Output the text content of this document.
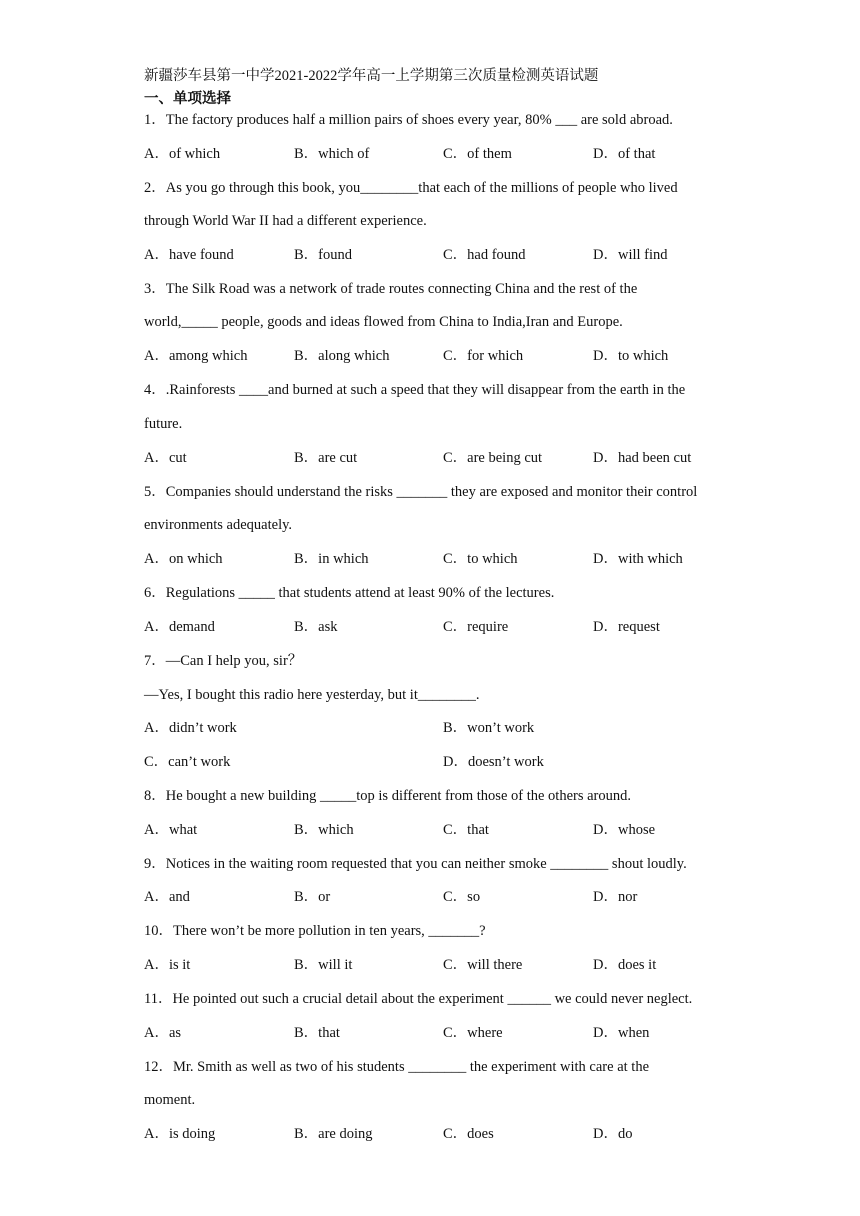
新疆莎车县第一中学2021-2022学年高一上学期第三次质量检测英语试题
一、单项选择
1．The factory produces half a million pairs of shoes every year, 80% ___ are sold abroad.
A．of which	B．which of	C．of them	D．of that
2．As you go through this book, you________that each of the millions of people who lived
through World War II had a different experience.
A．have found	B．found	C．had found	D．will find
3．The Silk Road was a network of trade routes connecting China and the rest of the
world,_____ people, goods and ideas flowed from China to India,Iran and Europe.
A．among which	B．along which	C．for which	D．to which
4．.Rainforests ____and burned at such a speed that they will disappear from the earth in the
future.
A．cut	B．are cut	C．are being cut	D．had been cut
5．Companies should understand the risks _______ they are exposed and monitor their control
environments adequately.
A．on which	B．in which	C．to which	D．with which
6．Regulations _____ that students attend at least 90% of the lectures.
A．demand	B．ask	C．require	D．request
7．—Can I help you, sir？
—Yes, I bought this radio here yesterday, but it________.
A．didn’t work	B．won’t work
C．can’t work	D．doesn’t work
8．He bought a new building _____top is different from those of the others around.
A．what	B．which	C．that	D．whose
9．Notices in the waiting room requested that you can neither smoke ________ shout loudly.
A．and	B．or	C．so	D．nor
10．There won’t be more pollution in ten years, _______?
A．is it	B．will it	C．will there	D．does it
11．He pointed out such a crucial detail about the experiment ______ we could never neglect.
A．as	B．that	C．where	D．when
12．Mr. Smith as well as two of his students ________ the experiment with care at the
moment.
A．is doing	B．are doing	C．does	D．do
